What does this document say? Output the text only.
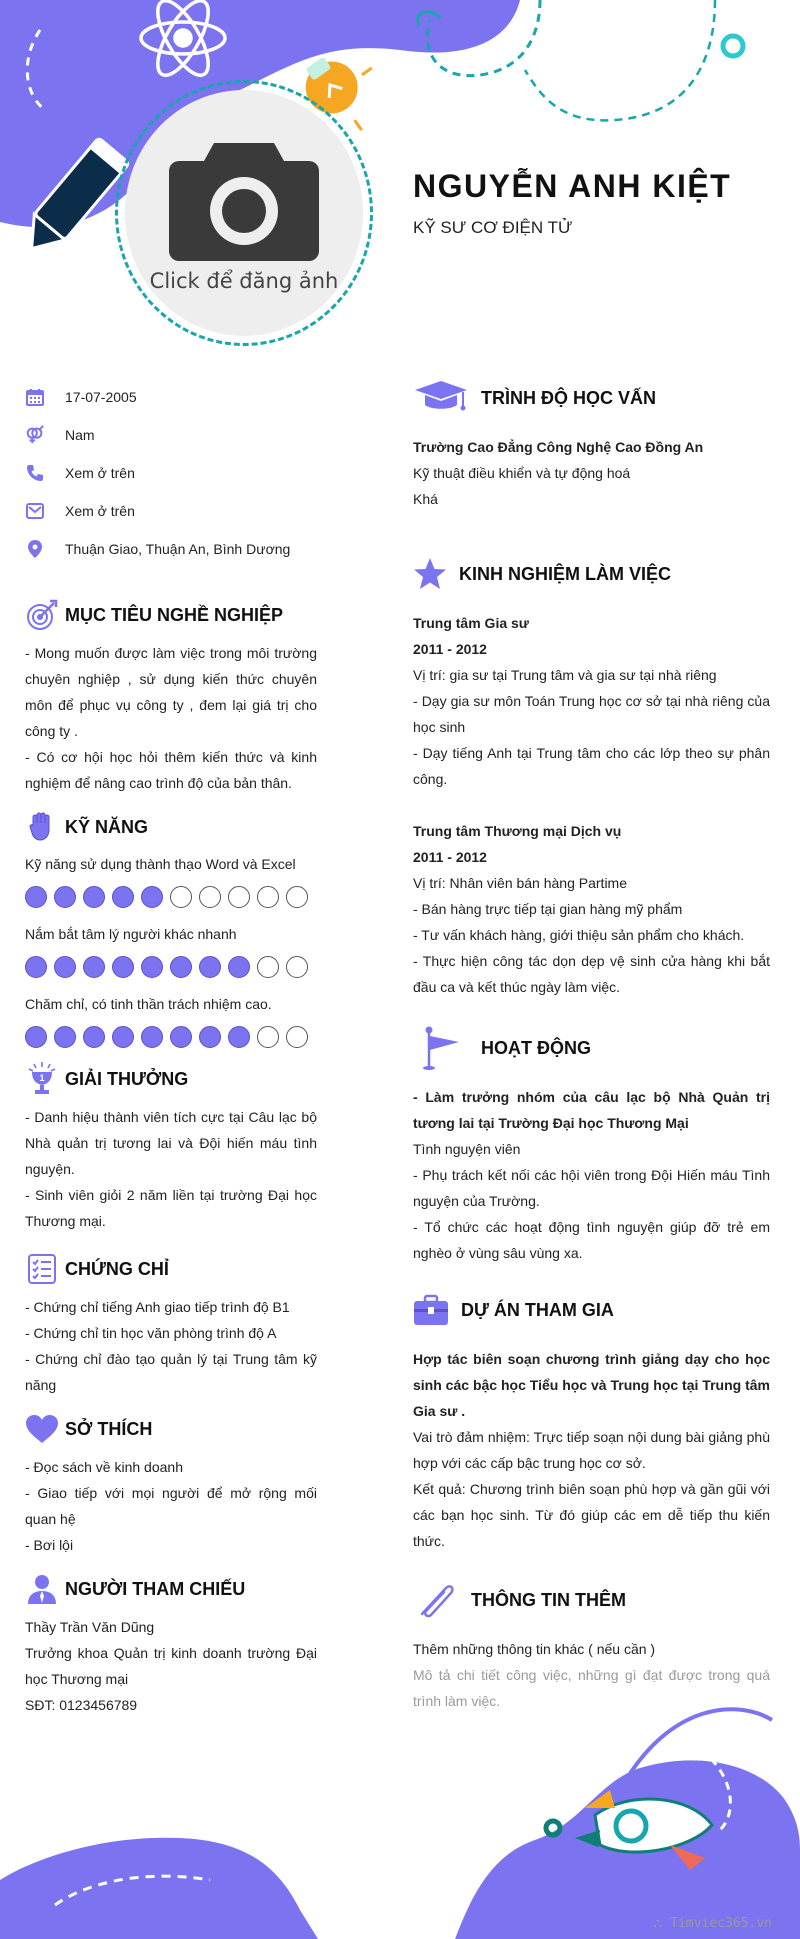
Click để đăng ảnh
NGUYỄN ANH KIỆT
KỸ SƯ CƠ ĐIỆN TỬ
17-07-2005
Nam
Xem ở trên
Xem ở trên
Thuận Giao, Thuận An, Bình Dương
MỤC TIÊU NGHỀ NGHIỆP

- Mong muốn được làm việc trong môi trường chuyên nghiệp , sử dụng kiến thức chuyên môn để phục vụ công ty , đem lại giá trị cho công ty .

- Có cơ hội học hỏi thêm kiến thức và kinh nghiệm để nâng cao trình độ của bản thân.

KỸ NĂNG
Kỹ năng sử dụng thành thạo Word và Excel
Nắm bắt tâm lý người khác nhanh
Chăm chỉ, có tinh thần trách nhiệm cao.
1 GIẢI THƯỞNG

- Danh hiệu thành viên tích cực tại Câu lạc bộ Nhà quản trị tương lai và Đội hiến máu tình nguyện.

- Sinh viên giỏi 2 năm liền tại trường Đại học Thương mại.

CHỨNG CHỈ

- Chứng chỉ tiếng Anh giao tiếp trình độ B1

- Chứng chỉ tin học văn phòng trình độ A

- Chứng chỉ đào tạo quản lý tại Trung tâm kỹ năng

SỞ THÍCH

- Đọc sách về kinh doanh

- Giao tiếp với mọi người để mở rộng mối quan hệ

- Bơi lội

NGƯỜI THAM CHIẾU

Thầy Trần Văn Dũng

Trưởng khoa Quản trị kinh doanh trường Đại học Thương mại

SĐT: 0123456789

TRÌNH ĐỘ HỌC VẤN

Trường Cao Đẳng Công Nghệ Cao Đồng An

Kỹ thuật điều khiển và tự động hoá

Khá

KINH NGHIỆM LÀM VIỆC

Trung tâm Gia sư

2011 - 2012

Vị trí: gia sư tại Trung tâm và gia sư tại nhà riêng

- Dạy gia sư môn Toán Trung học cơ sở tại nhà riêng của học sinh

- Dạy tiếng Anh tại Trung tâm cho các lớp theo sự phân công.

Trung tâm Thương mại Dịch vụ

2011 - 2012

Vị trí: Nhân viên bán hàng Partime

- Bán hàng trực tiếp tại gian hàng mỹ phẩm

- Tư vấn khách hàng, giới thiệu sản phẩm cho khách.

- Thực hiện công tác dọn dẹp vệ sinh cửa hàng khi bắt đầu ca và kết thúc ngày làm việc.

HOẠT ĐỘNG

- Làm trưởng nhóm của câu lạc bộ Nhà Quản trị tương lai tại Trường Đại học Thương Mại

Tình nguyện viên

- Phụ trách kết nối các hội viên trong Đội Hiến máu Tình nguyện của Trường.

- Tổ chức các hoạt động tình nguyện giúp đỡ trẻ em nghèo ở vùng sâu vùng xa.

DỰ ÁN THAM GIA

Hợp tác biên soạn chương trình giảng dạy cho học sinh các bậc học Tiểu học và Trung học tại Trung tâm Gia sư .

Vai trò đảm nhiệm: Trực tiếp soạn nội dung bài giảng phù hợp với các cấp bậc trung học cơ sở.

Kết quả: Chương trình biên soạn phù hợp và gần gũi với các bạn học sinh. Từ đó giúp các em dễ tiếp thu kiến thức.

THÔNG TIN THÊM

Thêm những thông tin khác ( nếu cần )

Mô tả chi tiết công việc, những gì đạt được trong quá trình làm việc.

⛬ Timviec365.vn
